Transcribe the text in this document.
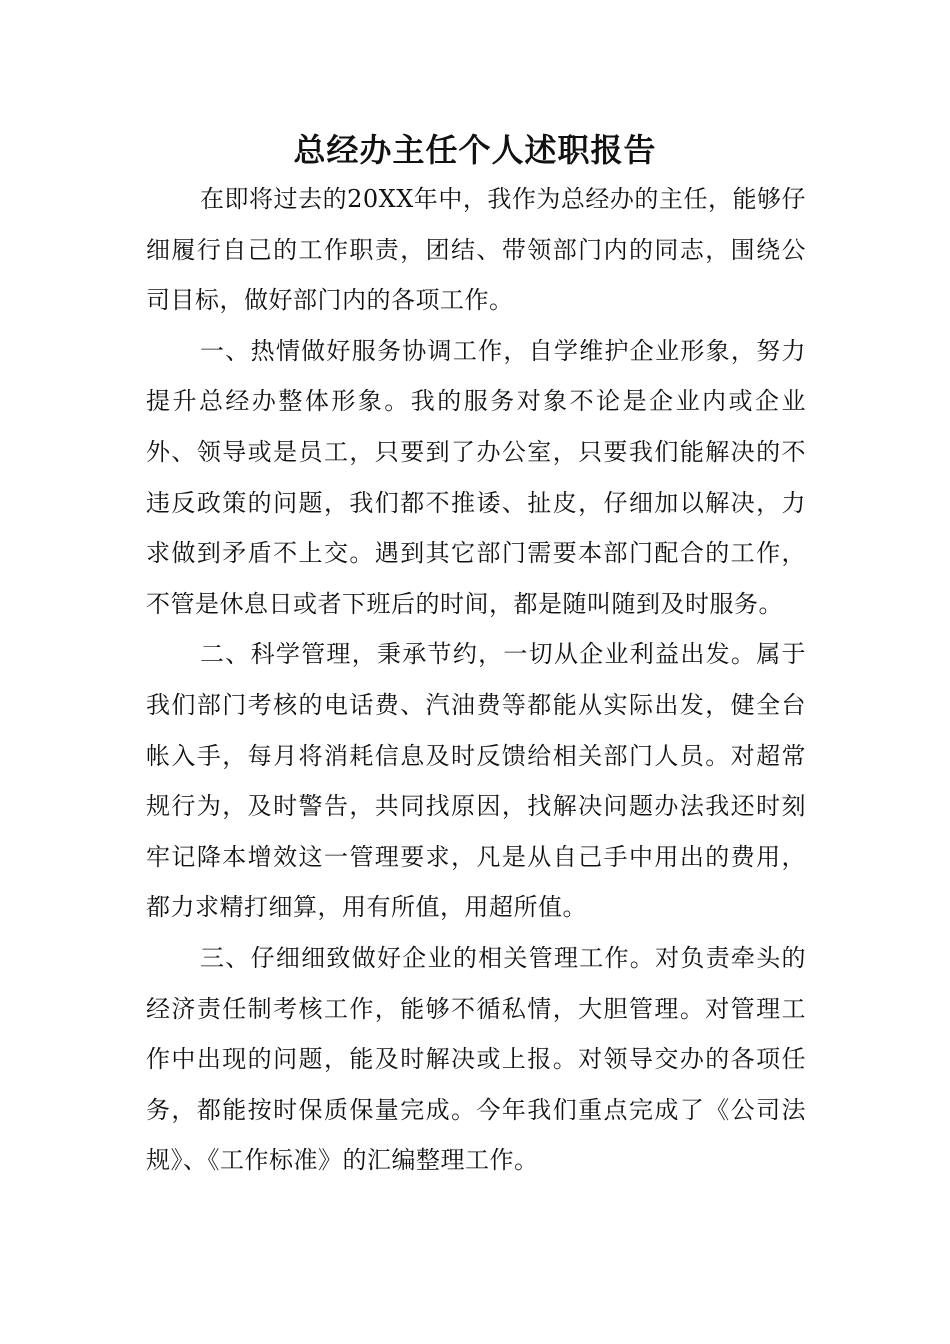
总经办主任个人述职报告

在即将过去的20XX年中，我作为总经办的主任，能够仔细履行自己的工作职责，团结、带领部门内的同志，围绕公司目标，做好部门内的各项工作。

一、热情做好服务协调工作，自学维护企业形象，努力提升总经办整体形象。我的服务对象不论是企业内或企业外、领导或是员工，只要到了办公室，只要我们能解决的不违反政策的问题，我们都不推诿、扯皮，仔细加以解决，力求做到矛盾不上交。遇到其它部门需要本部门配合的工作，不管是休息日或者下班后的时间，都是随叫随到及时服务。

二、科学管理，秉承节约，一切从企业利益出发。属于我们部门考核的电话费、汽油费等都能从实际出发，健全台帐入手，每月将消耗信息及时反馈给相关部门人员。对超常规行为，及时警告，共同找原因，找解决问题办法我还时刻牢记降本增效这一管理要求，凡是从自己手中用出的费用，都力求精打细算，用有所值，用超所值。

三、仔细细致做好企业的相关管理工作。对负责牵头的经济责任制考核工作，能够不循私情，大胆管理。对管理工作中出现的问题，能及时解决或上报。对领导交办的各项任务，都能按时保质保量完成。今年我们重点完成了《公司法规》、《工作标准》的汇编整理工作。
